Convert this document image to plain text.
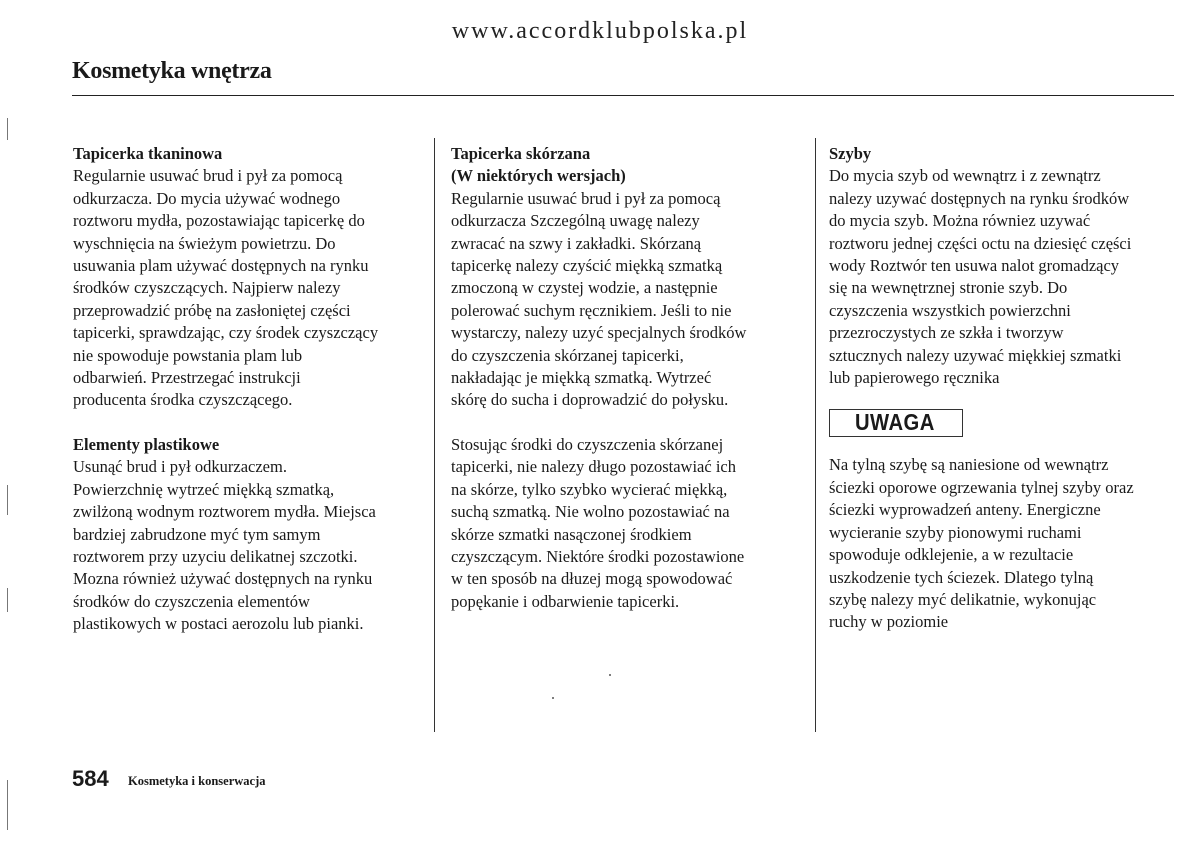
www.accordklubpolska.pl
Kosmetyka wnętrza

Tapicerka tkaninowa

Regularnie usuwać brud i pył za pomocą

odkurzacza. Do mycia używać wodnego

roztworu mydła, pozostawiając tapicerkę do

wyschnięcia na świeżym powietrzu. Do

usuwania plam używać dostępnych na rynku

środków czyszczących. Najpierw nalezy

przeprowadzić próbę na zasłoniętej części

tapicerki, sprawdzając, czy środek czyszczący

nie spowoduje powstania plam lub

odbarwień. Przestrzegać instrukcji

producenta środka czyszczącego.

Elementy plastikowe

Usunąć brud i pył odkurzaczem.

Powierzchnię wytrzeć miękką szmatką,

zwilżoną wodnym roztworem mydła. Miejsca

bardziej zabrudzone myć tym samym

roztworem przy uzyciu delikatnej szczotki.

Mozna również używać dostępnych na rynku

środków do czyszczenia elementów

plastikowych w postaci aerozolu lub pianki.

Tapicerka skórzana

(W niektórych wersjach)

Regularnie usuwać brud i pył za pomocą

odkurzacza Szczególną uwagę nalezy

zwracać na szwy i zakładki. Skórzaną

tapicerkę nalezy czyścić miękką szmatką

zmoczoną w czystej wodzie, a następnie

polerować suchym ręcznikiem. Jeśli to nie

wystarczy, nalezy uzyć specjalnych środków

do czyszczenia skórzanej tapicerki,

nakładając je miękką szmatką. Wytrzeć

skórę do sucha i doprowadzić do połysku.

Stosując środki do czyszczenia skórzanej

tapicerki, nie nalezy długo pozostawiać ich

na skórze, tylko szybko wycierać miękką,

suchą szmatką. Nie wolno pozostawiać na

skórze szmatki nasączonej środkiem

czyszczącym. Niektóre środki pozostawione

w ten sposób na dłuzej mogą spowodować

popękanie i odbarwienie tapicerki.

Szyby

Do mycia szyb od wewnątrz i z zewnątrz

nalezy uzywać dostępnych na rynku środków

do mycia szyb. Można równiez uzywać

roztworu jednej części octu na dziesięć części

wody Roztwór ten usuwa nalot gromadzący

się na wewnętrznej stronie szyb. Do

czyszczenia wszystkich powierzchni

przezroczystych ze szkła i tworzyw

sztucznych nalezy uzywać miękkiej szmatki

lub papierowego ręcznika

UWAGA

Na tylną szybę są naniesione od wewnątrz

ściezki oporowe ogrzewania tylnej szyby oraz

ściezki wyprowadzeń anteny. Energiczne

wycieranie szyby pionowymi ruchami

spowoduje odklejenie, a w rezultacie

uszkodzenie tych ściezek. Dlatego tylną

szybę nalezy myć delikatnie, wykonując

ruchy w poziomie

584 Kosmetyka i konserwacja
